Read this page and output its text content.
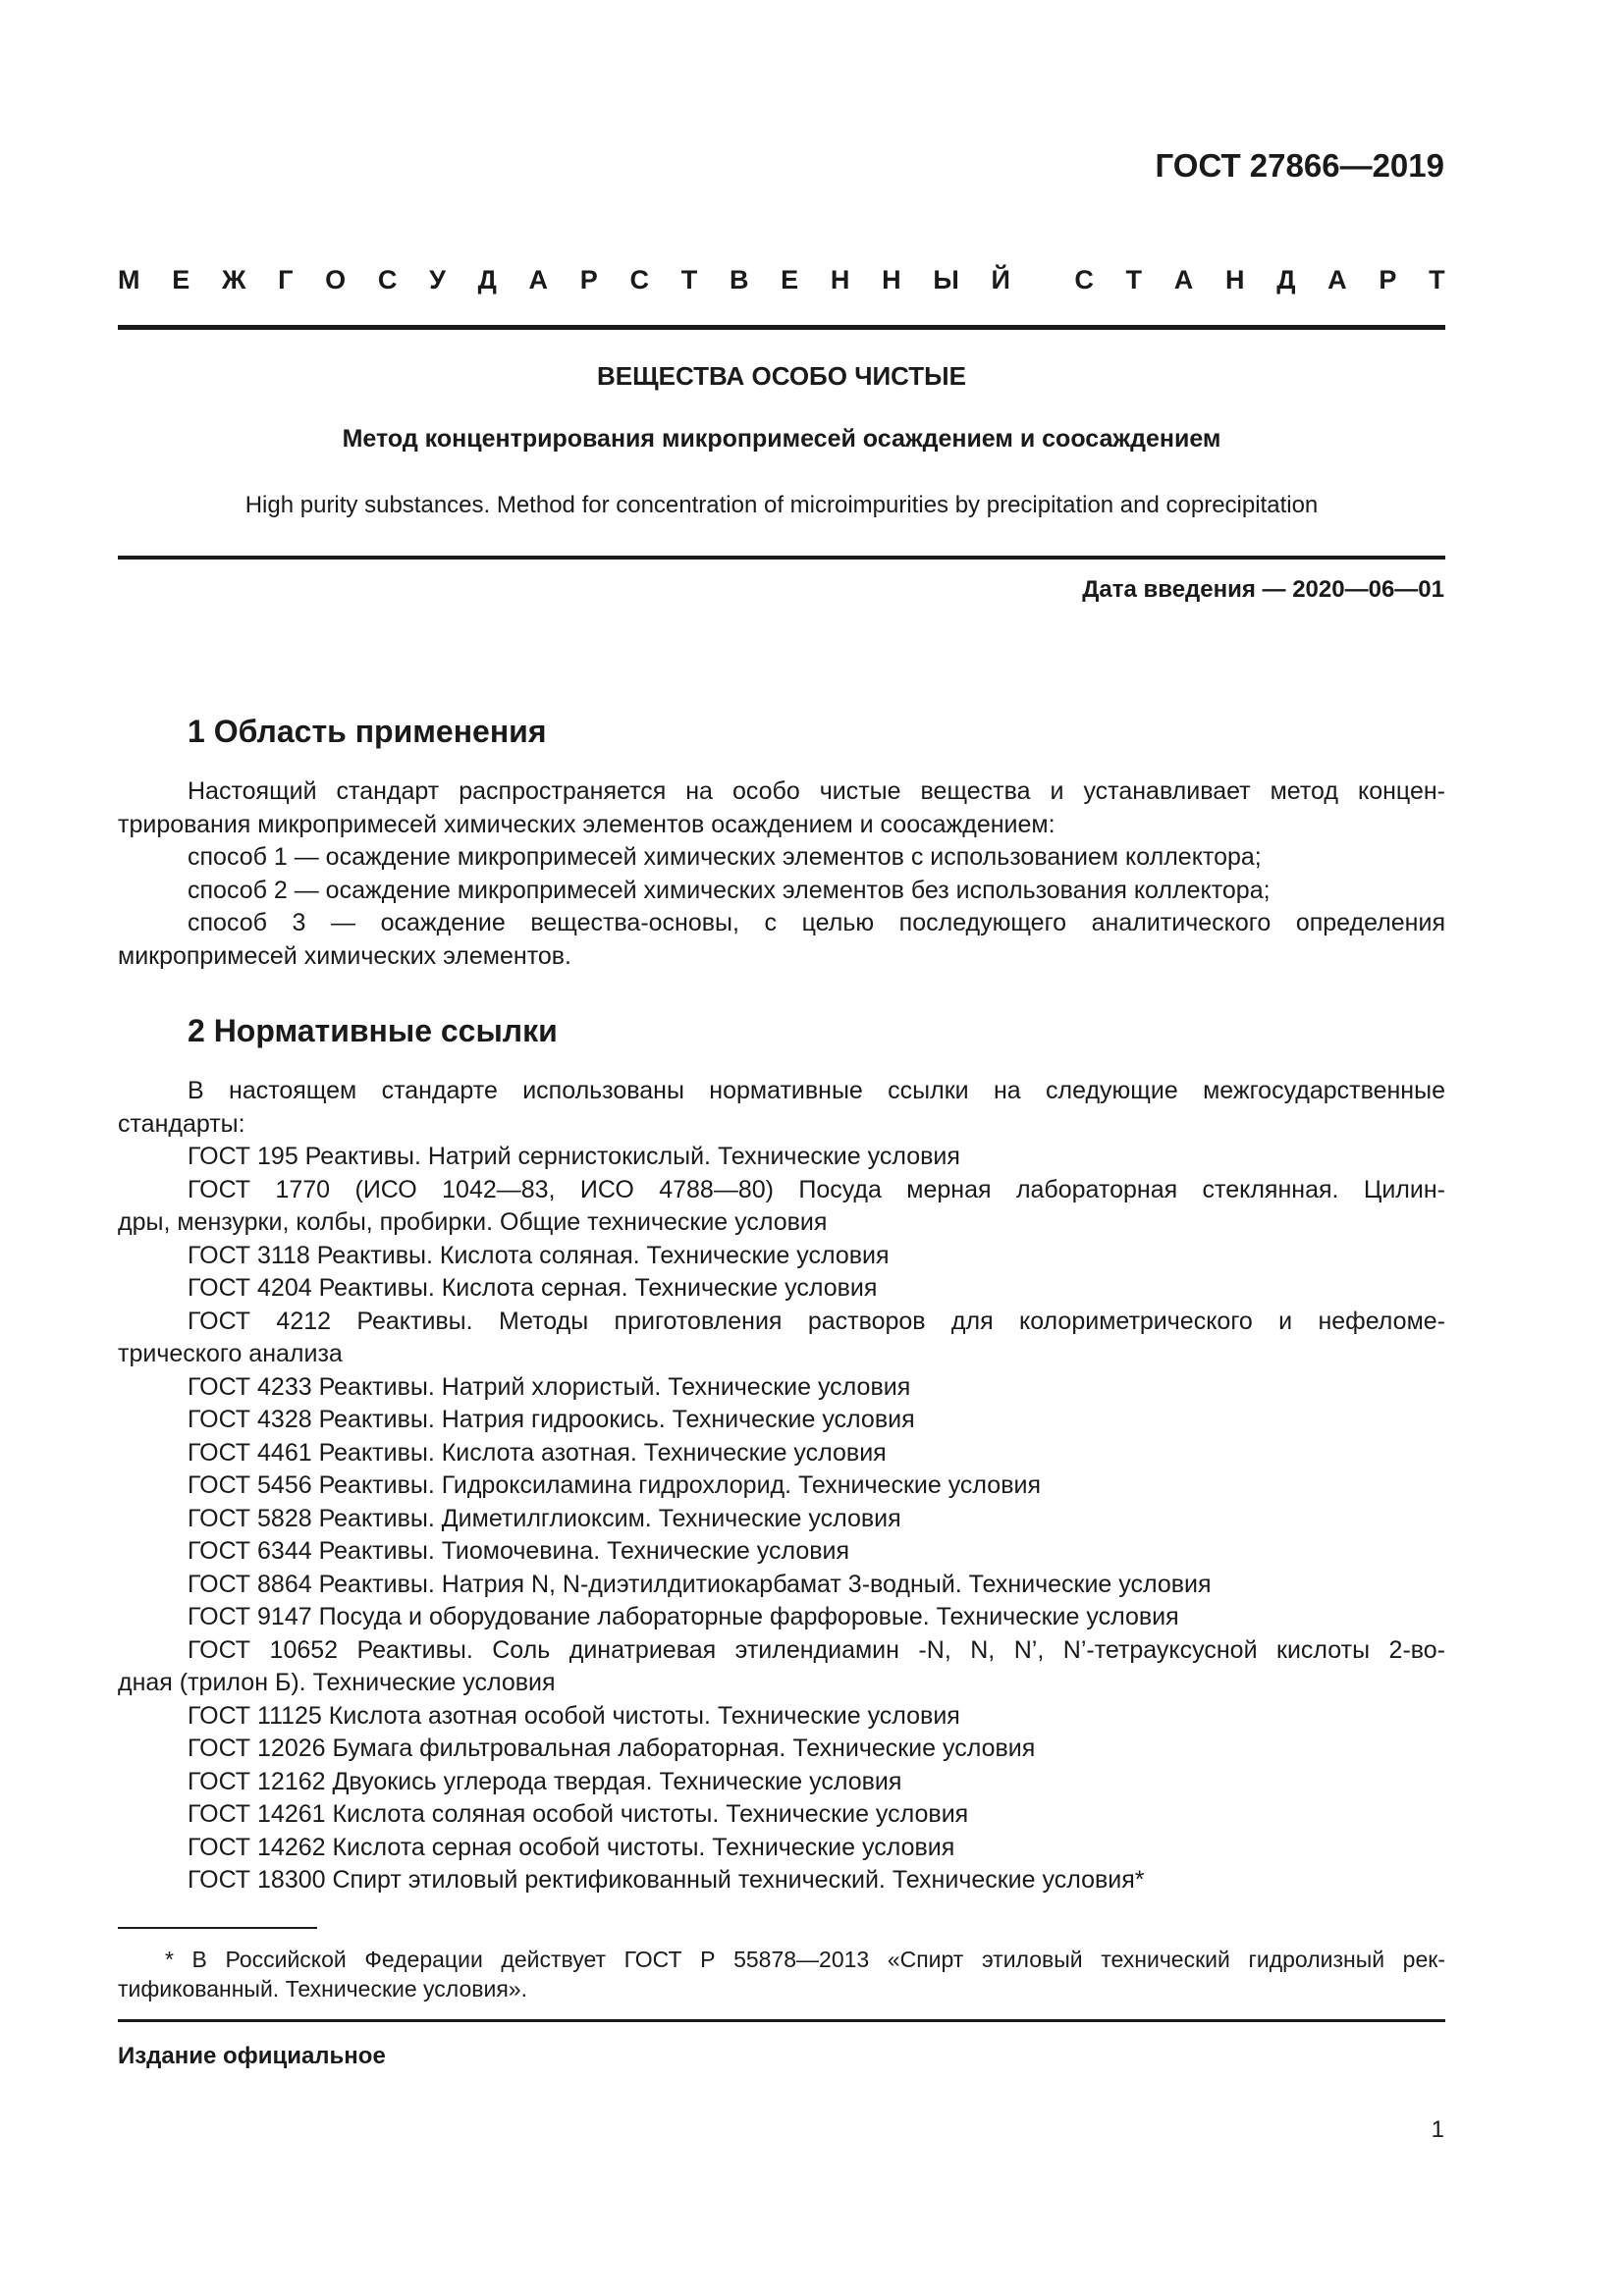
ГОСТ 27866—2019
М Е Ж Г О С У Д А Р С Т В Е Н Н Ы Й С Т А Н Д А Р Т
ВЕЩЕСТВА ОСОБО ЧИСТЫЕ
Метод концентрирования микропримесей осаждением и соосаждением
High purity substances. Method for concentration of microimpurities by precipitation and coprecipitation
Дата введения — 2020—06—01
1 Область применения

Настоящий стандарт распространяется на особо чистые вещества и устанавливает метод концен-

трирования микропримесей химических элементов осаждением и соосаждением:

способ 1 — осаждение микропримесей химических элементов с использованием коллектора;

способ 2 — осаждение микропримесей химических элементов без использования коллектора;

способ 3 — осаждение вещества-основы, с целью последующего аналитического определения

микропримесей химических элементов.

2 Нормативные ссылки

В настоящем стандарте использованы нормативные ссылки на следующие межгосударственные

стандарты:

ГОСТ 195 Реактивы. Натрий сернистокислый. Технические условия

ГОСТ 1770 (ИСО 1042—83, ИСО 4788—80) Посуда мерная лабораторная стеклянная. Цилин-

дры, мензурки, колбы, пробирки. Общие технические условия

ГОСТ 3118 Реактивы. Кислота соляная. Технические условия

ГОСТ 4204 Реактивы. Кислота серная. Технические условия

ГОСТ 4212 Реактивы. Методы приготовления растворов для колориметрического и нефеломе-

трического анализа

ГОСТ 4233 Реактивы. Натрий хлористый. Технические условия

ГОСТ 4328 Реактивы. Натрия гидроокись. Технические условия

ГОСТ 4461 Реактивы. Кислота азотная. Технические условия

ГОСТ 5456 Реактивы. Гидроксиламина гидрохлорид. Технические условия

ГОСТ 5828 Реактивы. Диметилглиоксим. Технические условия

ГОСТ 6344 Реактивы. Тиомочевина. Технические условия

ГОСТ 8864 Реактивы. Натрия N, N-диэтилдитиокарбамат 3-водный. Технические условия

ГОСТ 9147 Посуда и оборудование лабораторные фарфоровые. Технические условия

ГОСТ 10652 Реактивы. Соль динатриевая этилендиамин -N, N, N’, N’-тетрауксусной кислоты 2-во-

дная (трилон Б). Технические условия

ГОСТ 11125 Кислота азотная особой чистоты. Технические условия

ГОСТ 12026 Бумага фильтровальная лабораторная. Технические условия

ГОСТ 12162 Двуокись углерода твердая. Технические условия

ГОСТ 14261 Кислота соляная особой чистоты. Технические условия

ГОСТ 14262 Кислота серная особой чистоты. Технические условия

ГОСТ 18300 Спирт этиловый ректификованный технический. Технические условия*

* В Российской Федерации действует ГОСТ Р 55878—2013 «Спирт этиловый технический гидролизный рек-тификованный. Технические условия».

Издание официальное
1
